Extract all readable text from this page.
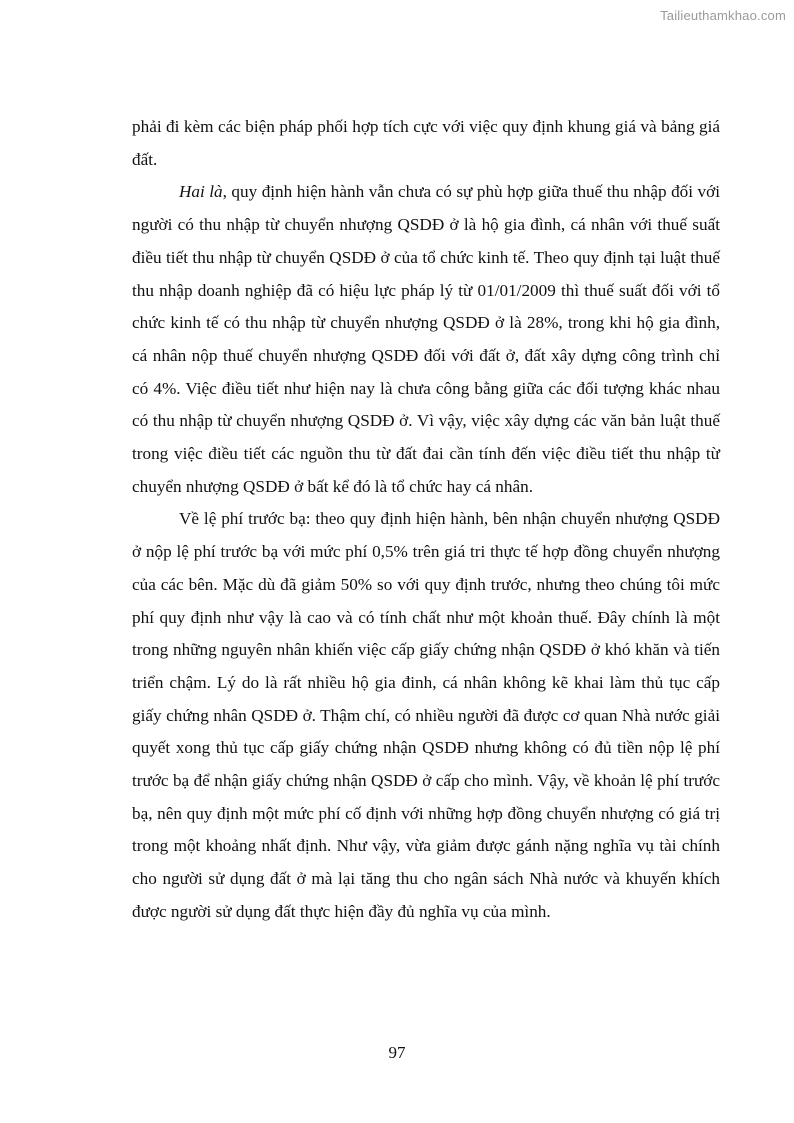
Tailieuthamkhao.com

phải đi kèm các biện pháp phối hợp tích cực với việc quy định khung giá và bảng giá đất.

Hai là, quy định hiện hành vẫn chưa có sự phù hợp giữa thuế thu nhập đối với người có thu nhập từ chuyển nhượng QSDĐ ở là hộ gia đình, cá nhân với thuế suất điều tiết thu nhập từ chuyển QSDĐ ở của tổ chức kinh tế. Theo quy định tại luật thuế thu nhập doanh nghiệp đã có hiệu lực pháp lý từ 01/01/2009 thì thuế suất đối với tổ chức kinh tế có thu nhập từ chuyển nhượng QSDĐ ở là 28%, trong khi hộ gia đình, cá nhân nộp thuế chuyển nhượng QSDĐ đối với đất ở, đất xây dựng công trình chỉ có 4%. Việc điều tiết như hiện nay là chưa công bằng giữa các đối tượng khác nhau có thu nhập từ chuyển nhượng QSDĐ ở. Vì vậy, việc xây dựng các văn bản luật thuế trong việc điều tiết các nguồn thu từ đất đai cần tính đến việc điều tiết thu nhập từ chuyển nhượng QSDĐ ở bất kể đó là tổ chức hay cá nhân.

Về lệ phí trước bạ: theo quy định hiện hành, bên nhận chuyển nhượng QSDĐ ở nộp lệ phí trước bạ với mức phí 0,5% trên giá tri thực tế hợp đồng chuyển nhượng của các bên. Mặc dù đã giảm 50% so với quy định trước, nhưng theo chúng tôi mức phí quy định như vậy là cao và có tính chất như một khoản thuế. Đây chính là một trong những nguyên nhân khiến việc cấp giấy chứng nhận QSDĐ ở khó khăn và tiến triển chậm. Lý do là rất nhiều hộ gia đinh, cá nhân không kẽ khai làm thủ tục cấp giấy chứng nhân QSDĐ ở. Thậm chí, có nhiều người đã được cơ quan Nhà nước giải quyết xong thủ tục cấp giấy chứng nhận QSDĐ nhưng không có đủ tiền nộp lệ phí trước bạ để nhận giấy chứng nhận QSDĐ ở cấp cho mình. Vậy, về khoản lệ phí trước bạ, nên quy định một mức phí cố định với những hợp đồng chuyển nhượng có giá trị trong một khoảng nhất định. Như vậy, vừa giảm được gánh nặng nghĩa vụ tài chính cho người sử dụng đất ở mà lại tăng thu cho ngân sách Nhà nước và khuyến khích được người sử dụng đất thực hiện đầy đủ nghĩa vụ của mình.

97
